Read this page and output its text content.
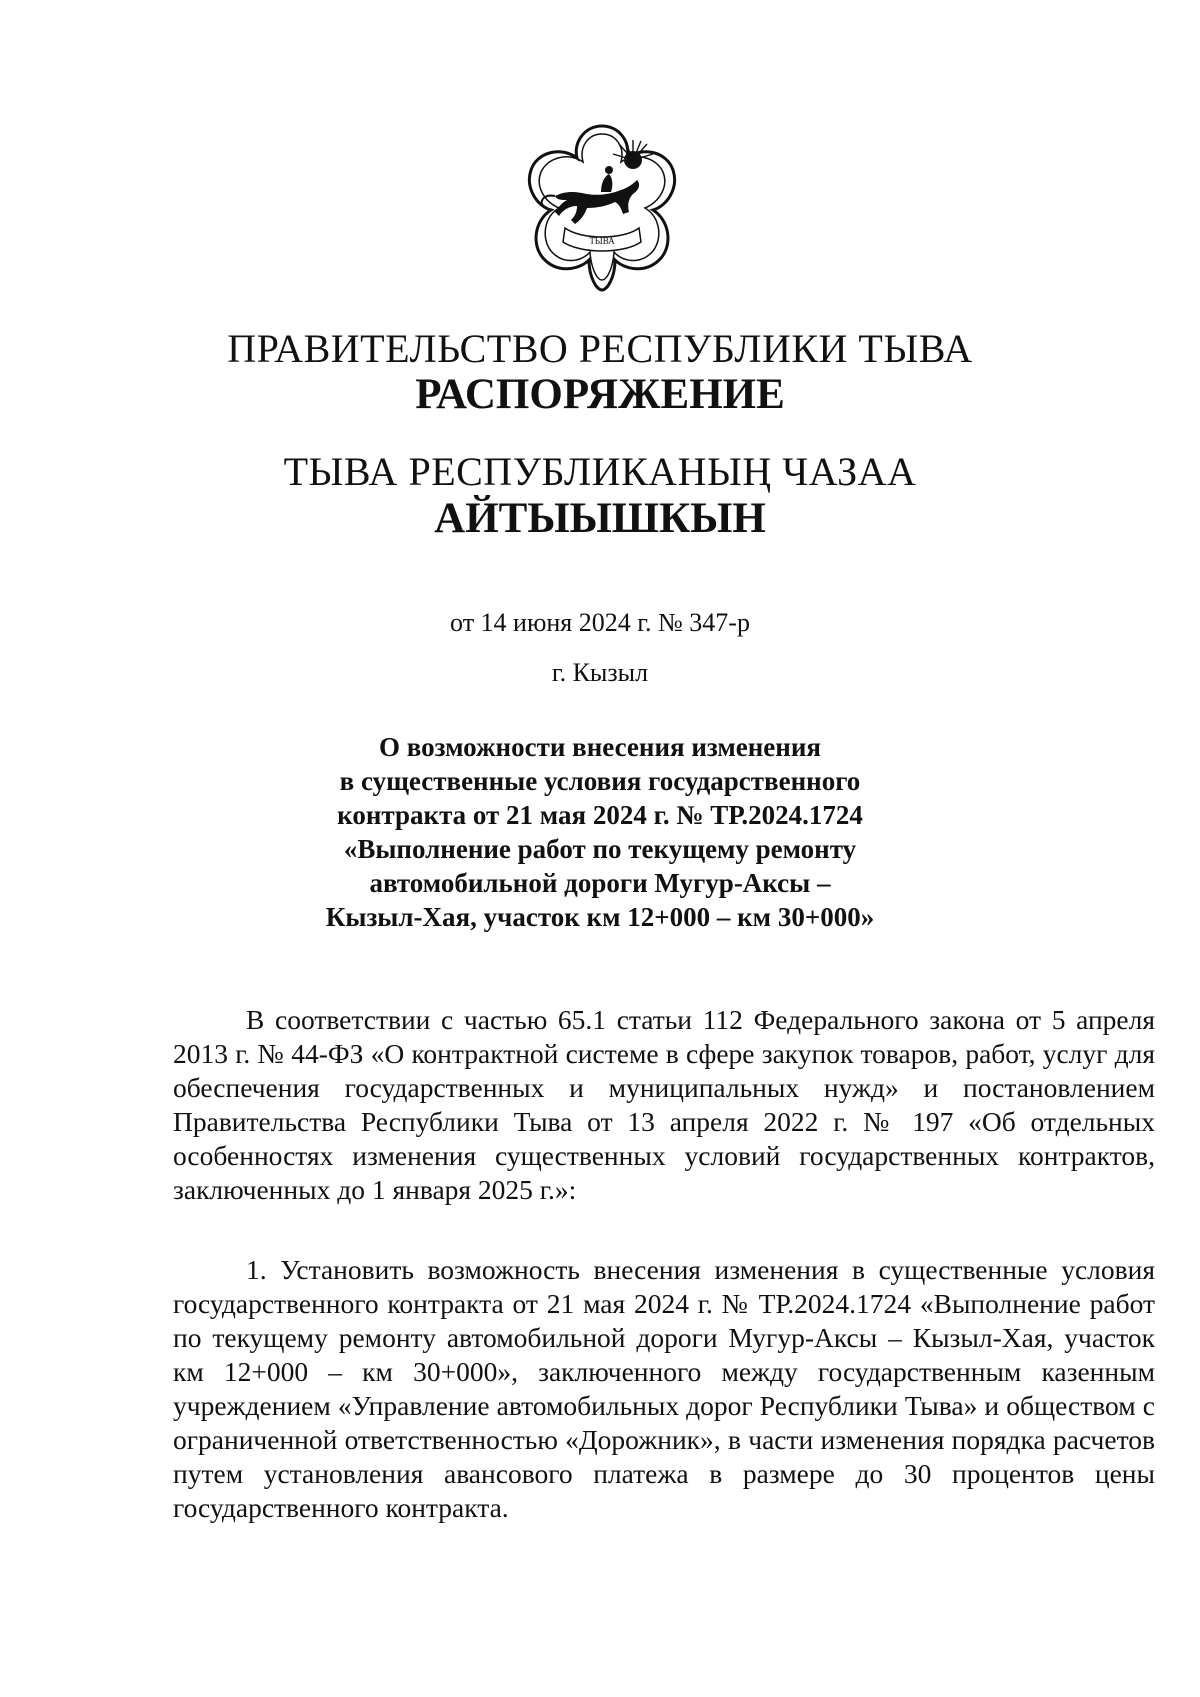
ТЫВА
ПРАВИТЕЛЬСТВО РЕСПУБЛИКИ ТЫВА
РАСПОРЯЖЕНИЕ
ТЫВА РЕСПУБЛИКАНЫҢ ЧАЗАА
АЙТЫЫШКЫН
от 14 июня 2024 г. № 347-р
г. Кызыл
О возможности внесения изменения
в существенные условия государственного
контракта от 21 мая 2024 г. № ТР.2024.1724
«Выполнение работ по текущему ремонту
автомобильной дороги Мугур-Аксы –
Кызыл-Хая, участок км 12+000 – км 30+000»

В соответствии с частью 65.1 статьи 112 Федерального закона от 5 апреля 2013 г. № 44-ФЗ «О контрактной системе в сфере закупок товаров, работ, услуг для обеспечения государственных и муниципальных нужд» и постановлением Правительства Республики Тыва от 13 апреля 2022 г. № 197 «Об отдельных особенностях изменения существенных условий государственных контрактов, заключенных до 1 января 2025 г.»:

1. Установить возможность внесения изменения в существенные условия государственного контракта от 21 мая 2024 г. № ТР.2024.1724 «Выполнение работ по текущему ремонту автомобильной дороги Мугур-Аксы – Кызыл-Хая, участок км 12+000 – км 30+000», заключенного между государственным казенным учреждением «Управление автомобильных дорог Республики Тыва» и обществом с ограниченной ответственностью «Дорожник», в части изменения порядка расчетов путем установления авансового платежа в размере до 30 процентов цены государственного контракта.
